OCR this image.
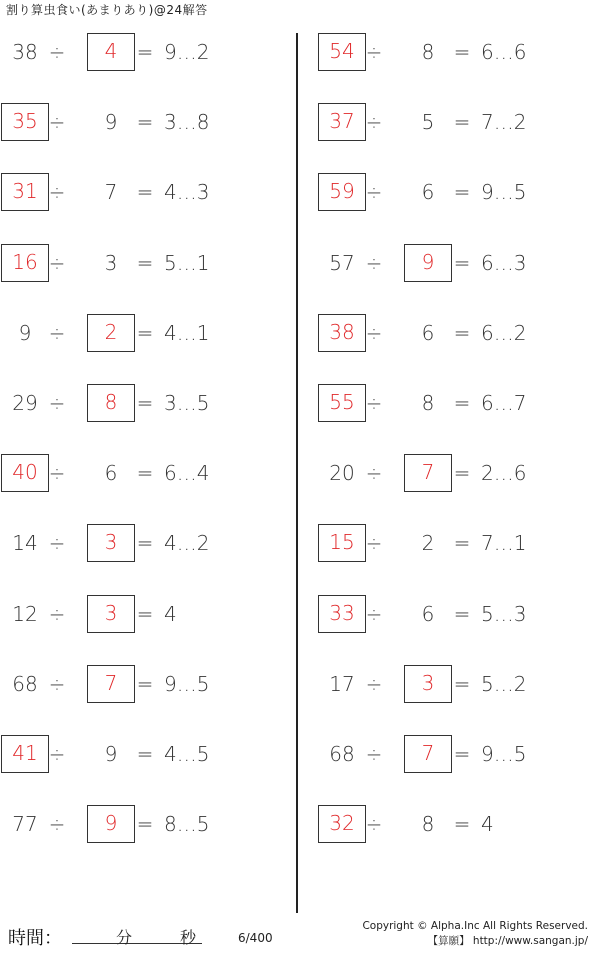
割り算虫食い(あまりあり)@24解答
38 ÷	4 = 9…2
35 ÷	9 = 3…8
31 ÷	7 = 4…3
16 ÷	3 = 5…1
9 ÷	2 = 4…1
29 ÷	8 = 3…5
40 ÷	6 = 6…4
14 ÷	3 = 4…2
12 ÷	3 = 4
68 ÷	7 = 9…5
41 ÷	9 = 4…5
77 ÷	9 = 8…5
54 ÷	8 = 6…6
37 ÷	5 = 7…2
59 ÷	6 = 9…5
57 ÷	9 = 6…3
38 ÷	6 = 6…2
55 ÷	8 = 6…7
20 ÷	7 = 2…6
15 ÷	2 = 7…1
33 ÷	6 = 5…3
17 ÷	3 = 5…2
68 ÷	7 = 9…5
32 ÷	8 = 4
時間：	分	秒	6/400
Copyright © Alpha.Inc All Rights Reserved.
【算願】 http://www.sangan.jp/
